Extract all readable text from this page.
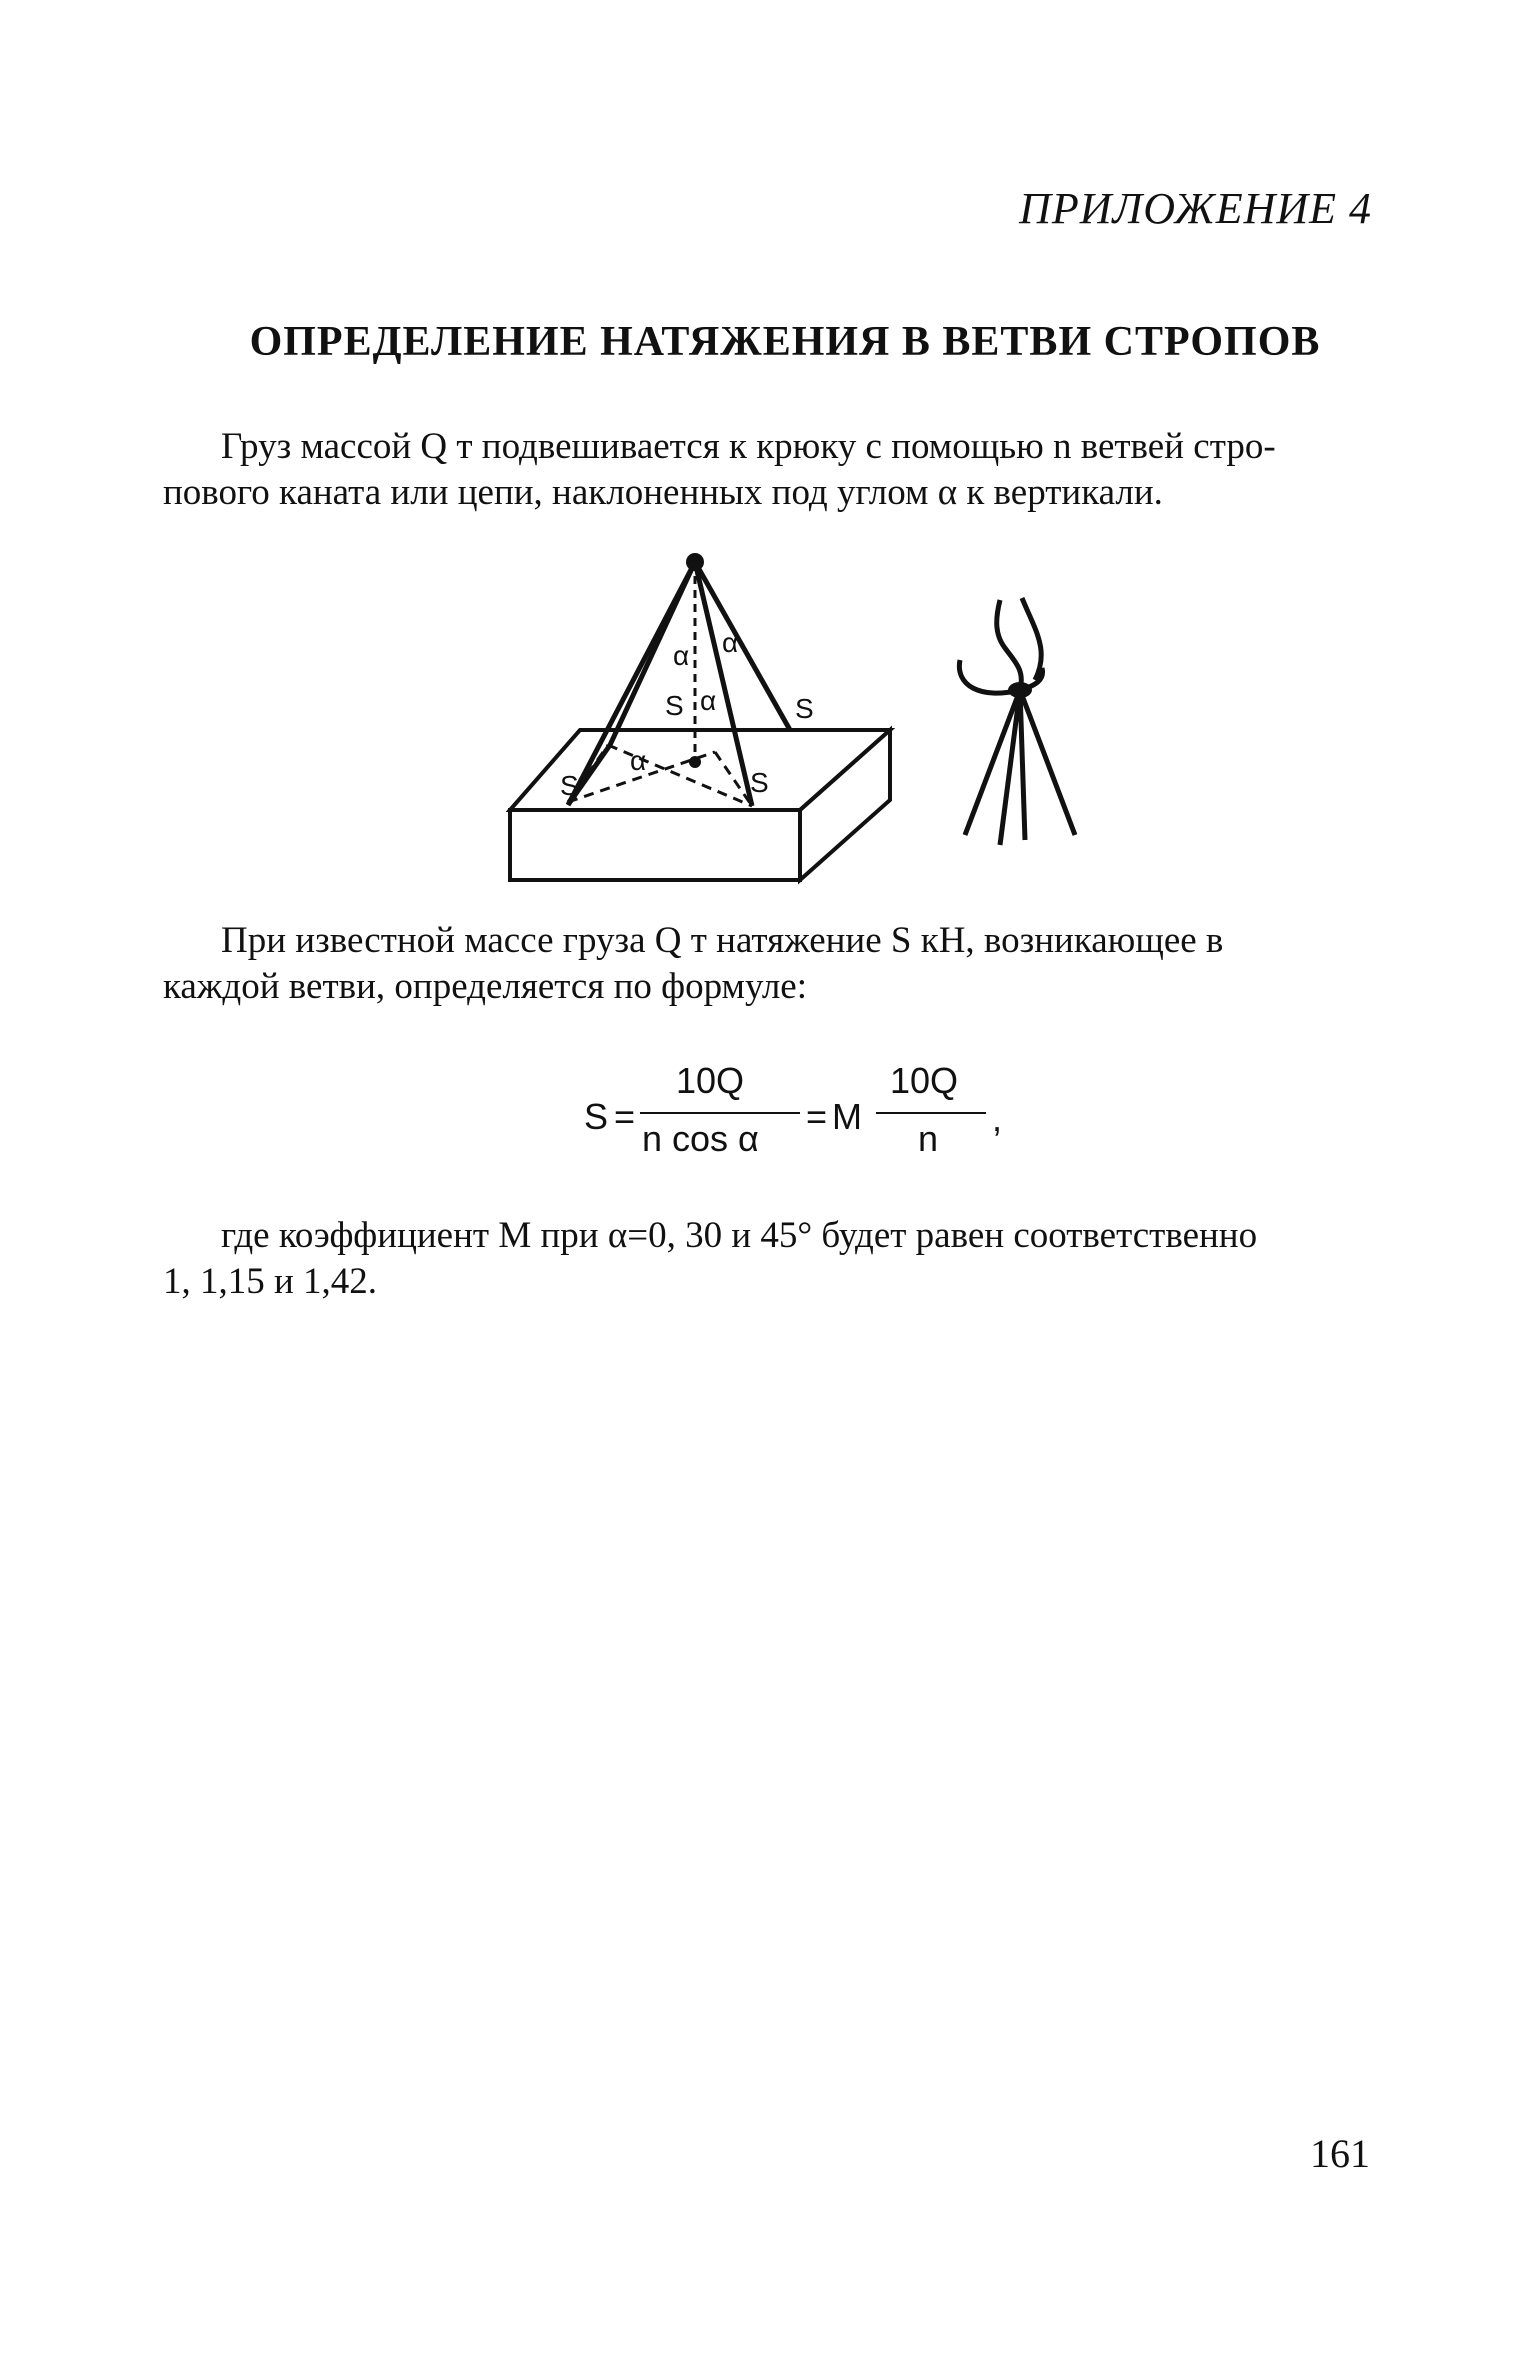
ПРИЛОЖЕНИЕ 4
ОПРЕДЕЛЕНИЕ НАТЯЖЕНИЯ В ВЕТВИ СТРОПОВ
Груз массой Q т подвешивается к крюку с помощью n ветвей стро-
пового каната или цепи, наклоненных под углом α к вертикали.
α
α
α
α
S	S
S	S
При известной массе груза Q т натяжение S кН, возникающее в
каждой ветви, определяется по формуле:
S =
10Q
n cos α
= M
10Q
n ,
где коэффициент M при α=0, 30 и 45° будет равен соответственно
1, 1,15 и 1,42.
161
